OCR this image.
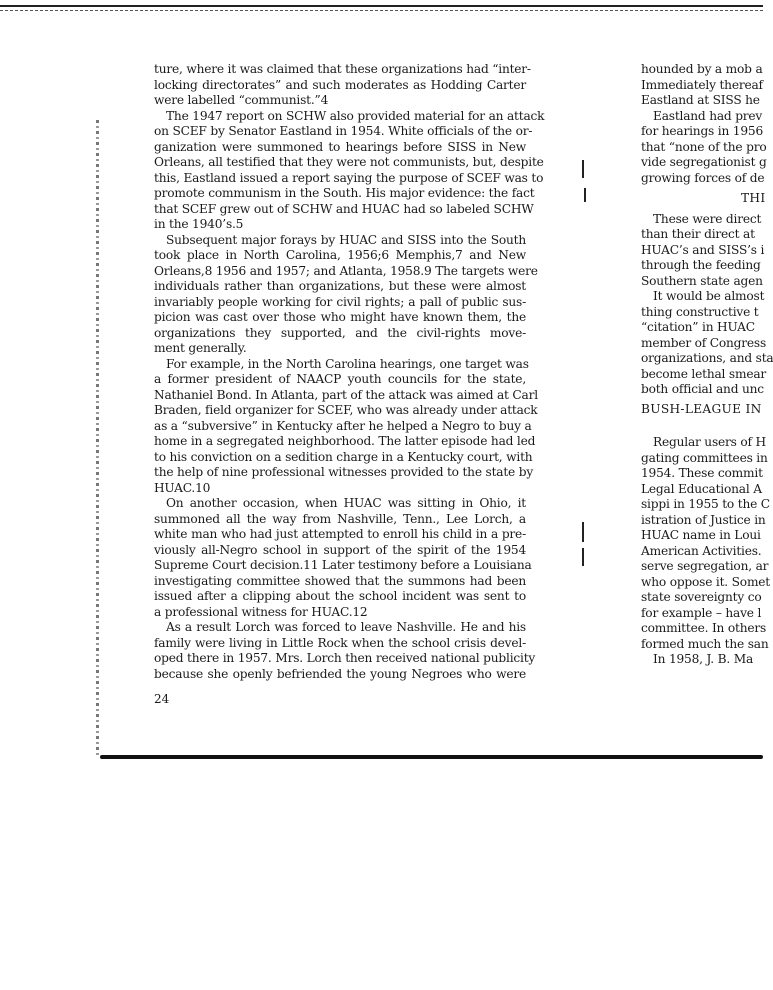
ture, where it was claimed that these organizations had “inter-
locking directorates” and such moderates as Hodding Carter
were labelled “communist.”4
The 1947 report on SCHW also provided material for an attack
on SCEF by Senator Eastland in 1954. White officials of the or-
ganization were summoned to hearings before SISS in New
Orleans, all testified that they were not communists, but, despite
this, Eastland issued a report saying the purpose of SCEF was to
promote communism in the South. His major evidence: the fact
that SCEF grew out of SCHW and HUAC had so labeled SCHW
in the 1940’s.5
Subsequent major forays by HUAC and SISS into the South
took place in North Carolina, 1956;6 Memphis,7 and New
Orleans,8 1956 and 1957; and Atlanta, 1958.9 The targets were
individuals rather than organizations, but these were almost
invariably people working for civil rights; a pall of public sus-
picion was cast over those who might have known them, the
organizations they supported, and the civil-rights move-
ment generally.
For example, in the North Carolina hearings, one target was
a former president of NAACP youth councils for the state,
Nathaniel Bond. In Atlanta, part of the attack was aimed at Carl
Braden, field organizer for SCEF, who was already under attack
as a “subversive” in Kentucky after he helped a Negro to buy a
home in a segregated neighborhood. The latter episode had led
to his conviction on a sedition charge in a Kentucky court, with
the help of nine professional witnesses provided to the state by
HUAC.10
On another occasion, when HUAC was sitting in Ohio, it
summoned all the way from Nashville, Tenn., Lee Lorch, a
white man who had just attempted to enroll his child in a pre-
viously all-Negro school in support of the spirit of the 1954
Supreme Court decision.11 Later testimony before a Louisiana
investigating committee showed that the summons had been
issued after a clipping about the school incident was sent to
a professional witness for HUAC.12
As a result Lorch was forced to leave Nashville. He and his
family were living in Little Rock when the school crisis devel-
oped there in 1957. Mrs. Lorch then received national publicity
because she openly befriended the young Negroes who were
hounded by a mob a
Immediately thereaf
Eastland at SISS he
Eastland had prev
for hearings in 1956
that “none of the pro
vide segregationist g
growing forces of de
THI
These were direct
than their direct at
HUAC’s and SISS’s i
through the feeding
Southern state agen
It would be almost
thing constructive t
“citation” in HUAC
member of Congress
organizations, and sta
become lethal smear
both official and unc
BUSH-LEAGUE IN
Regular users of H
gating committees in
1954. These commit
Legal Educational A
sippi in 1955 to the C
istration of Justice in
HUAC name in Loui
American Activities.
serve segregation, ar
who oppose it. Somet
state sovereignty co
for example – have l
committee. In others
formed much the san
In 1958, J. B. Ma
24
